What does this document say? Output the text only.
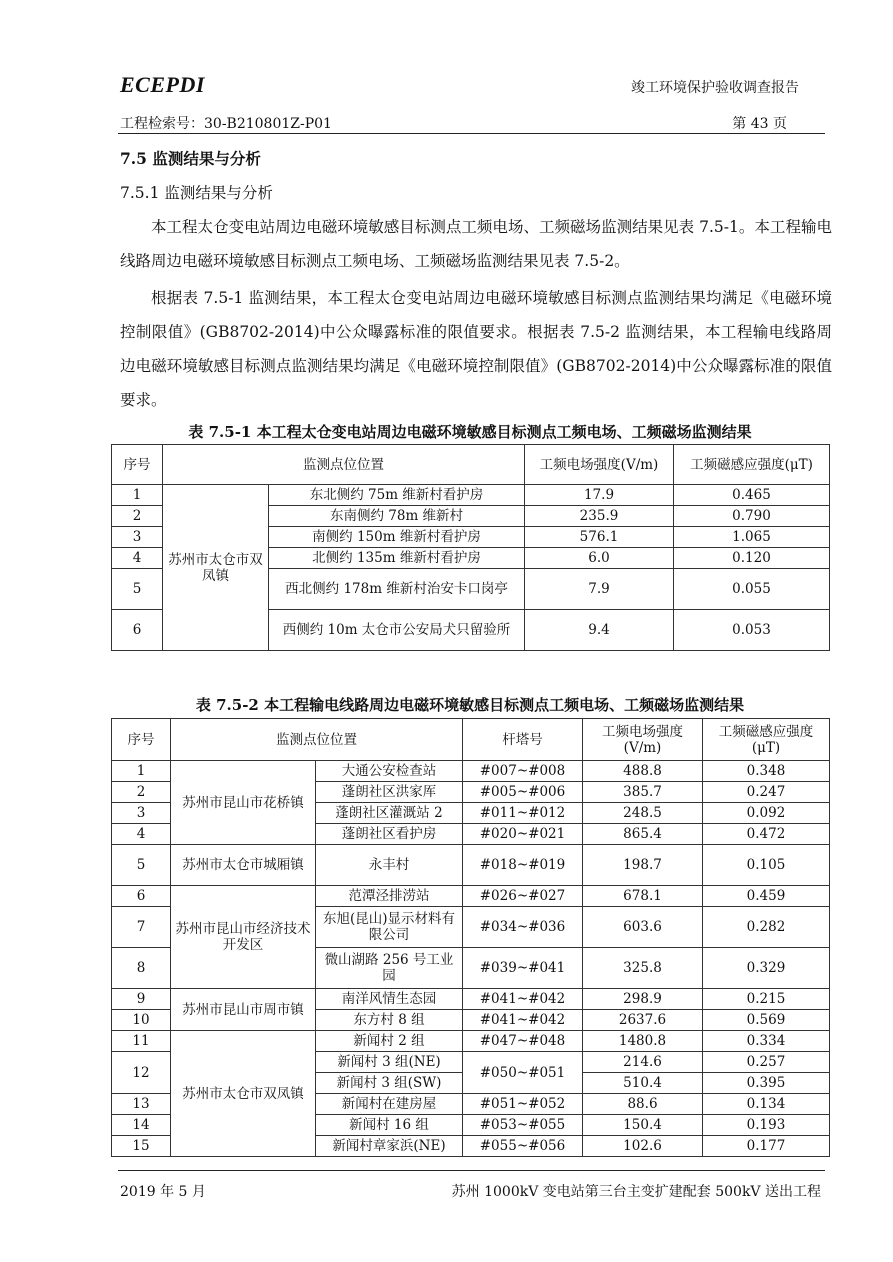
ECEPDI	竣工环境保护验收调查报告
工程检索号：30-B210801Z-P01	第 43 页
7.5 监测结果与分析
7.5.1 监测结果与分析

本工程太仓变电站周边电磁环境敏感目标测点工频电场、工频磁场监测结果见表 7.5-1。本工程输电线路周边电磁环境敏感目标测点工频电场、工频磁场监测结果见表 7.5-2。

根据表 7.5-1 监测结果，本工程太仓变电站周边电磁环境敏感目标测点监测结果均满足《电磁环境控制限值》(GB8702-2014)中公众曝露标准的限值要求。根据表 7.5-2 监测结果，本工程输电线路周边电磁环境敏感目标测点监测结果均满足《电磁环境控制限值》(GB8702-2014)中公众曝露标准的限值要求。

表 7.5-1 本工程太仓变电站周边电磁环境敏感目标测点工频电场、工频磁场监测结果
序号	监测点位位置		工频电场强度(V/m)	工频磁感应强度(μT)
1	苏州市太仓市双凤镇	东北侧约 75m 维新村看护房	17.9	0.465
2		东南侧约 78m 维新村	235.9	0.790
3		南侧约 150m 维新村看护房	576.1	1.065
4		北侧约 135m 维新村看护房	6.0	0.120
5		西北侧约 178m 维新村治安卡口岗亭	7.9	0.055
6		西侧约 10m 太仓市公安局犬只留验所	9.4	0.053
表 7.5-2 本工程输电线路周边电磁环境敏感目标测点工频电场、工频磁场监测结果
序号	监测点位位置		杆塔号	工频电场强度(V/m)	工频磁感应强度(μT)
1	苏州市昆山市花桥镇	大通公安检查站	#007~#008	488.8	0.348
2		蓬朗社区洪家厍	#005~#006	385.7	0.247
3		蓬朗社区灌溉站 2	#011~#012	248.5	0.092
4		蓬朗社区看护房	#020~#021	865.4	0.472
5	苏州市太仓市城厢镇	永丰村	#018~#019	198.7	0.105
6	苏州市昆山市经济技术开发区	范潭泾排涝站	#026~#027	678.1	0.459
7		东旭(昆山)显示材料有限公司	#034~#036	603.6	0.282
8		微山湖路 256 号工业园	#039~#041	325.8	0.329
9	苏州市昆山市周市镇	南洋风情生态园	#041~#042	298.9	0.215
10		东方村 8 组	#041~#042	2637.6	0.569
11	苏州市太仓市双凤镇	新闻村 2 组	#047~#048	1480.8	0.334
12		新闻村 3 组(NE)	#050~#051	214.6	0.257
		新闻村 3 组(SW)		510.4	0.395
13		新闻村在建房屋	#051~#052	88.6	0.134
14		新闻村 16 组	#053~#055	150.4	0.193
15		新闻村章家浜(NE)	#055~#056	102.6	0.177
2019 年 5 月	苏州 1000kV 变电站第三台主变扩建配套 500kV 送出工程
